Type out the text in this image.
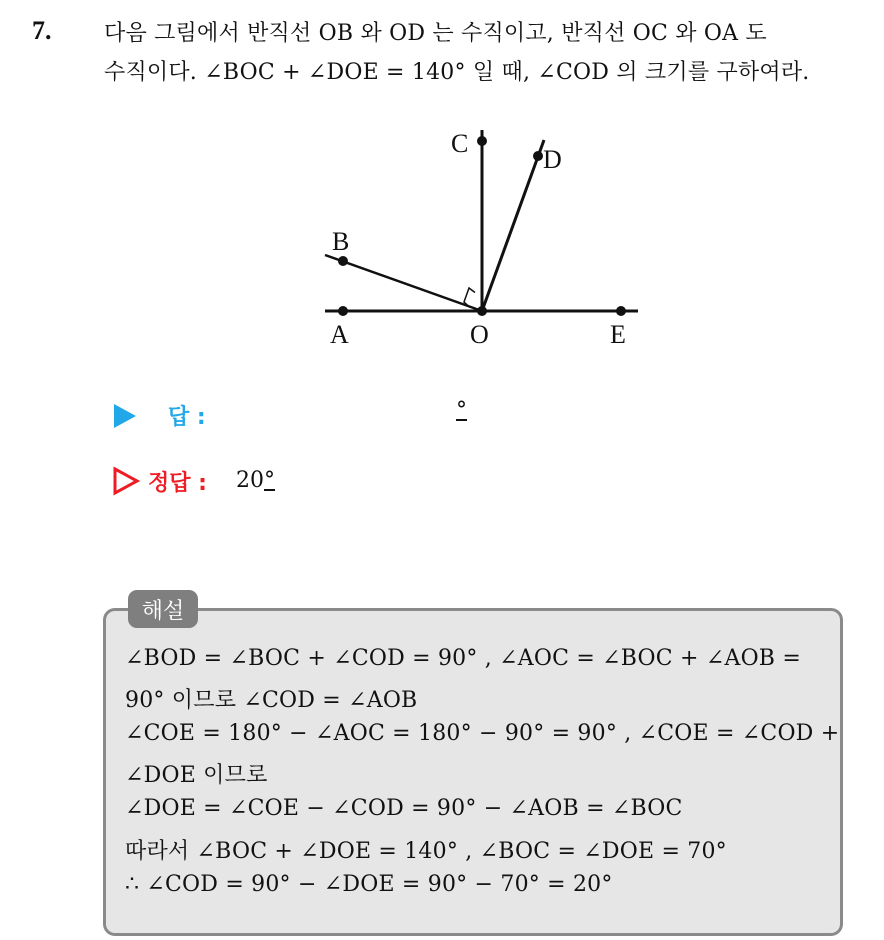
7. 다음 그림에서 반직선 OB 와 OD 는 수직이고, 반직선 OC 와 OA 도
수직이다. ∠BOC + ∠DOE = 140° 일 때, ∠COD 의 크기를 구하여라.
A	O	E
C
D
B
답 :	°
정답 : 20°
해설
∠BOD = ∠BOC + ∠COD = 90° , ∠AOC = ∠BOC + ∠AOB =
90° 이므로 ∠COD = ∠AOB
∠COE = 180° − ∠AOC = 180° − 90° = 90° , ∠COE = ∠COD +
∠DOE 이므로
∠DOE = ∠COE − ∠COD = 90° − ∠AOB = ∠BOC
따라서 ∠BOC + ∠DOE = 140° , ∠BOC = ∠DOE = 70°
∴ ∠COD = 90° − ∠DOE = 90° − 70° = 20°
